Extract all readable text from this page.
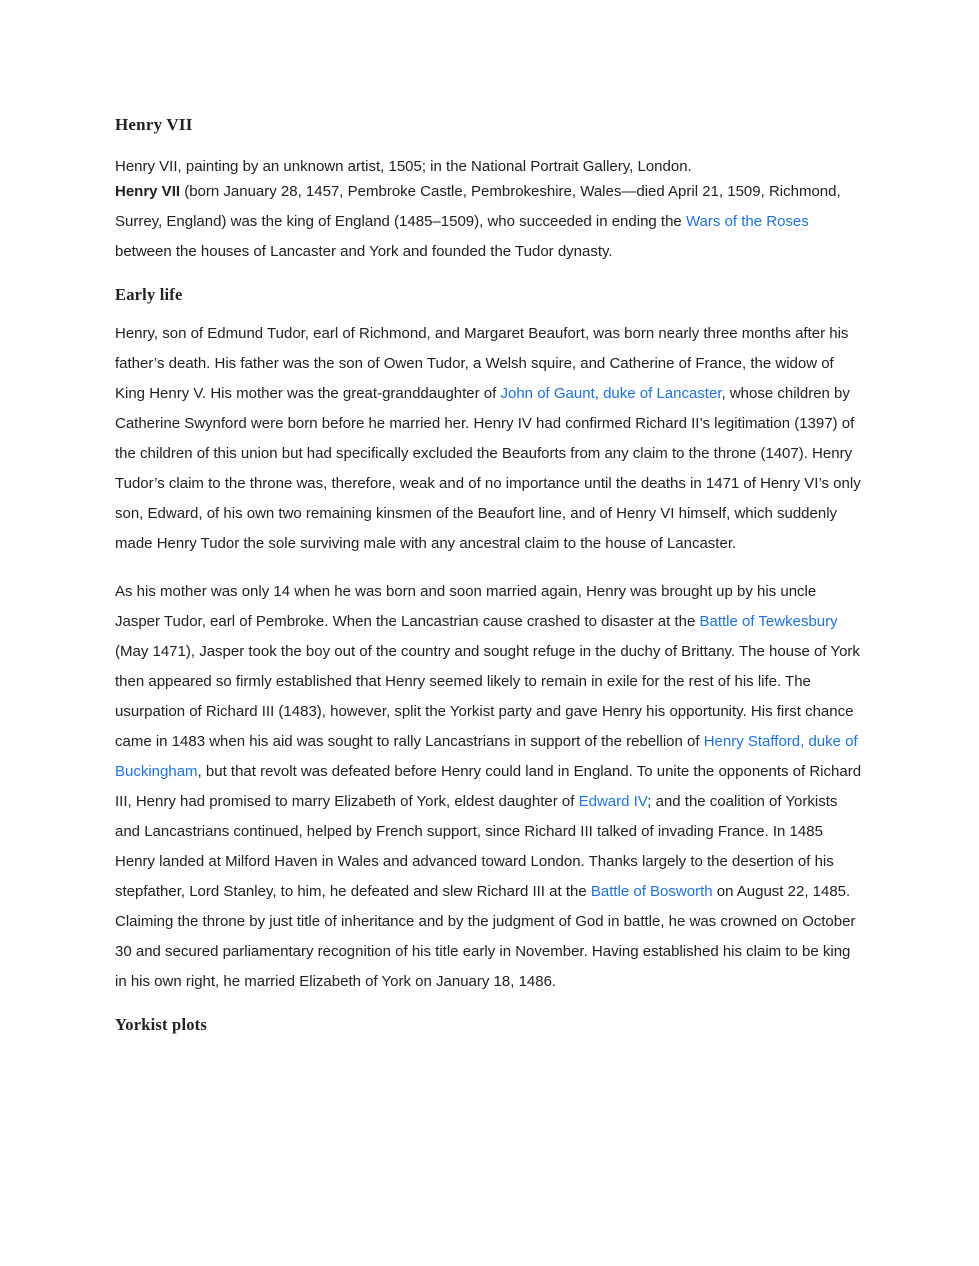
Henry VII
Henry VII, painting by an unknown artist, 1505; in the National Portrait Gallery, London.

Henry VII (born January 28, 1457, Pembroke Castle, Pembrokeshire, Wales—died April 21, 1509, Richmond, Surrey, England) was the king of England (1485–1509), who succeeded in ending the Wars of the Roses between the houses of Lancaster and York and founded the Tudor dynasty.

Early life

Henry, son of Edmund Tudor, earl of Richmond, and Margaret Beaufort, was born nearly three months after his father’s death. His father was the son of Owen Tudor, a Welsh squire, and Catherine of France, the widow of King Henry V. His mother was the great-granddaughter of John of Gaunt, duke of Lancaster, whose children by Catherine Swynford were born before he married her. Henry IV had confirmed Richard II’s legitimation (1397) of the children of this union but had specifically excluded the Beauforts from any claim to the throne (1407). Henry Tudor’s claim to the throne was, therefore, weak and of no importance until the deaths in 1471 of Henry VI’s only son, Edward, of his own two remaining kinsmen of the Beaufort line, and of Henry VI himself, which suddenly made Henry Tudor the sole surviving male with any ancestral claim to the house of Lancaster.

As his mother was only 14 when he was born and soon married again, Henry was brought up by his uncle Jasper Tudor, earl of Pembroke. When the Lancastrian cause crashed to disaster at the Battle of Tewkesbury (May 1471), Jasper took the boy out of the country and sought refuge in the duchy of Brittany. The house of York then appeared so firmly established that Henry seemed likely to remain in exile for the rest of his life. The usurpation of Richard III (1483), however, split the Yorkist party and gave Henry his opportunity. His first chance came in 1483 when his aid was sought to rally Lancastrians in support of the rebellion of Henry Stafford, duke of Buckingham, but that revolt was defeated before Henry could land in England. To unite the opponents of Richard III, Henry had promised to marry Elizabeth of York, eldest daughter of Edward IV; and the coalition of Yorkists and Lancastrians continued, helped by French support, since Richard III talked of invading France. In 1485 Henry landed at Milford Haven in Wales and advanced toward London. Thanks largely to the desertion of his stepfather, Lord Stanley, to him, he defeated and slew Richard III at the Battle of Bosworth on August 22, 1485. Claiming the throne by just title of inheritance and by the judgment of God in battle, he was crowned on October 30 and secured parliamentary recognition of his title early in November. Having established his claim to be king in his own right, he married Elizabeth of York on January 18, 1486.

Yorkist plots
